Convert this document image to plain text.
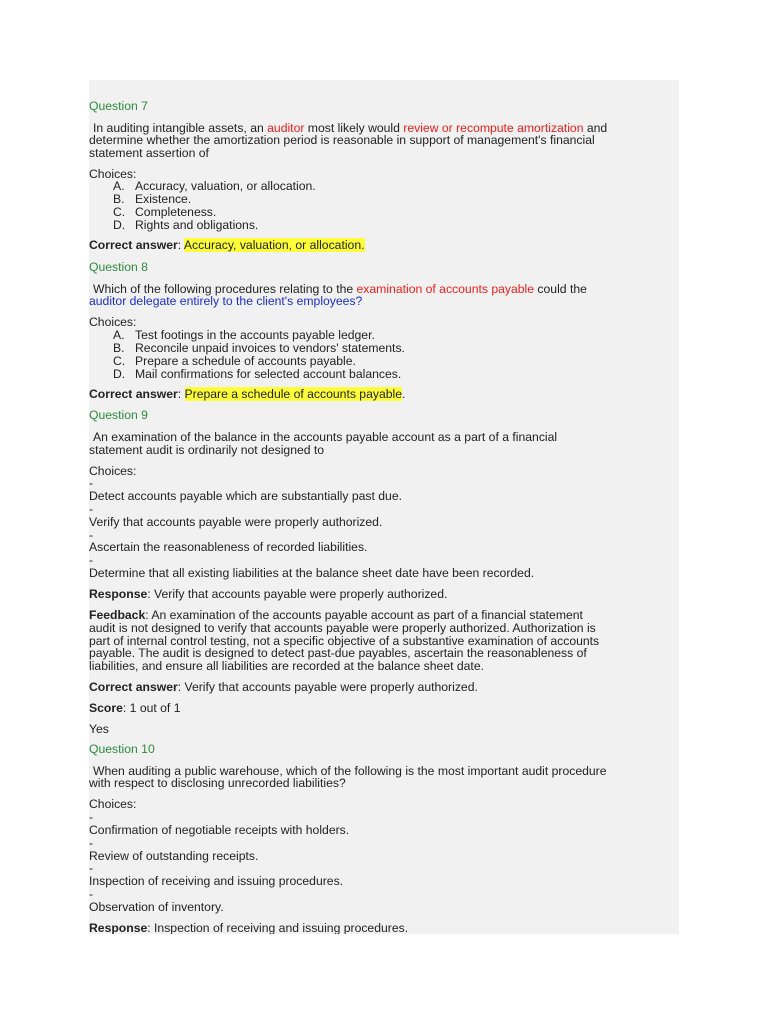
Question 7

In auditing intangible assets, an auditor most likely would review or recompute amortization and

determine whether the amortization period is reasonable in support of management's financial

statement assertion of

Choices:

A. Accuracy, valuation, or allocation.
B. Existence.
C. Completeness.
D. Rights and obligations.

Correct answer: Accuracy, valuation, or allocation.

Question 8

Which of the following procedures relating to the examination of accounts payable could the

auditor delegate entirely to the client's employees?

Choices:

A. Test footings in the accounts payable ledger.
B. Reconcile unpaid invoices to vendors' statements.
C. Prepare a schedule of accounts payable.
D. Mail confirmations for selected account balances.

Correct answer: Prepare a schedule of accounts payable.

Question 9

An examination of the balance in the accounts payable account as a part of a financial

statement audit is ordinarily not designed to

Choices:

-

Detect accounts payable which are substantially past due.

-

Verify that accounts payable were properly authorized.

-

Ascertain the reasonableness of recorded liabilities.

-

Determine that all existing liabilities at the balance sheet date have been recorded.

Response: Verify that accounts payable were properly authorized.

Feedback: An examination of the accounts payable account as part of a financial statement

audit is not designed to verify that accounts payable were properly authorized. Authorization is

part of internal control testing, not a specific objective of a substantive examination of accounts

payable. The audit is designed to detect past-due payables, ascertain the reasonableness of

liabilities, and ensure all liabilities are recorded at the balance sheet date.

Correct answer: Verify that accounts payable were properly authorized.

Score: 1 out of 1

Yes

Question 10

When auditing a public warehouse, which of the following is the most important audit procedure

with respect to disclosing unrecorded liabilities?

Choices:

-

Confirmation of negotiable receipts with holders.

-

Review of outstanding receipts.

-

Inspection of receiving and issuing procedures.

-

Observation of inventory.

Response: Inspection of receiving and issuing procedures.
